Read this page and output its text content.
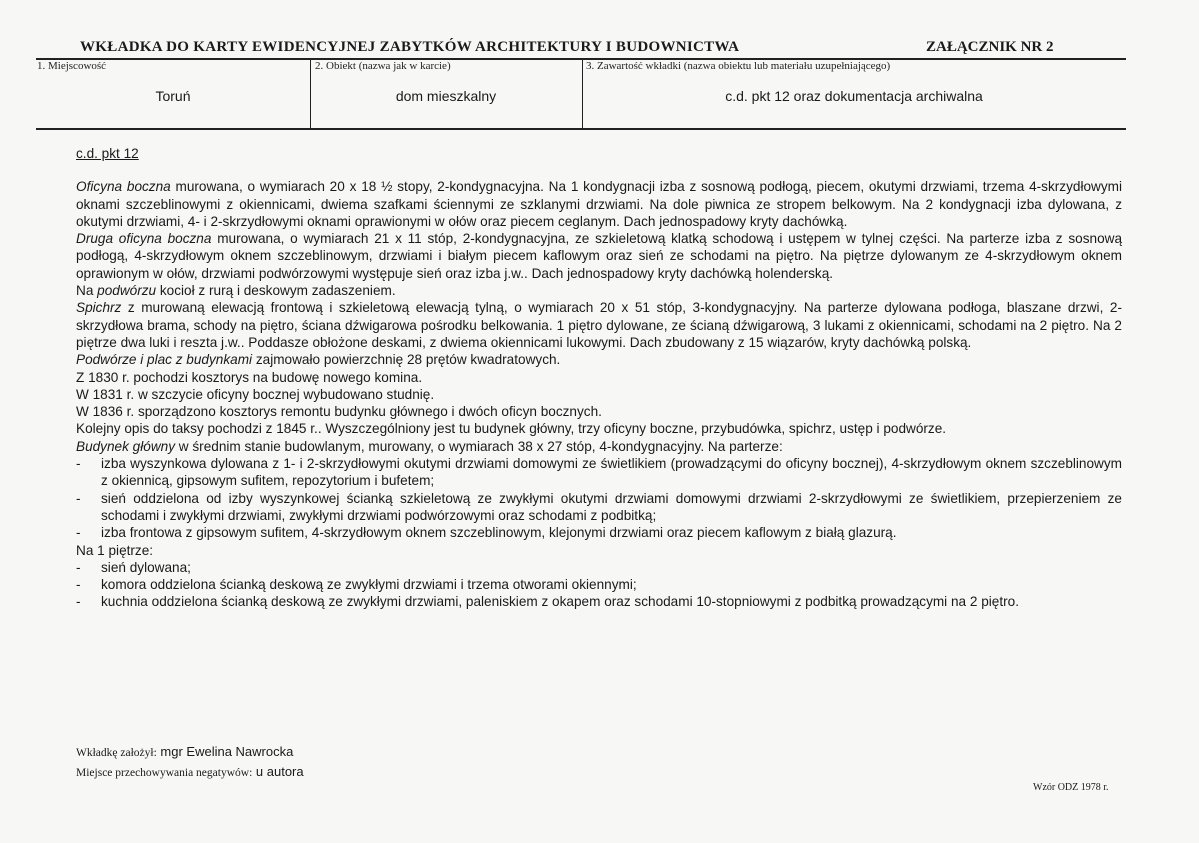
WKŁADKA DO KARTY EWIDENCYJNEJ ZABYTKÓW ARCHITEKTURY I BUDOWNICTWA	ZAŁĄCZNIK NR 2
1. Miejscowość
Toruń
2. Obiekt (nazwa jak w karcie)
dom mieszkalny
3. Zawartość wkładki (nazwa obiektu lub materiału uzupełniającego)
c.d. pkt 12 oraz dokumentacja archiwalna

c.d. pkt 12

Oficyna boczna murowana, o wymiarach 20 x 18 ½ stopy, 2-kondygnacyjna. Na 1 kondygnacji izba z sosnową podłogą, piecem, okutymi drzwiami, trzema 4-skrzydłowymi oknami szczeblinowymi z okiennicami, dwiema szafkami ściennymi ze szklanymi drzwiami. Na dole piwnica ze stropem belkowym. Na 2 kondygnacji izba dylowana, z okutymi drzwiami, 4- i 2-skrzydłowymi oknami oprawionymi w ołów oraz piecem ceglanym. Dach jednospadowy kryty dachówką.

Druga oficyna boczna murowana, o wymiarach 21 x 11 stóp, 2-kondygnacyjna, ze szkieletową klatką schodową i ustępem w tylnej części. Na parterze izba z sosnową podłogą, 4-skrzydłowym oknem szczeblinowym, drzwiami i białym piecem kaflowym oraz sień ze schodami na piętro. Na piętrze dylowanym ze 4-skrzydłowym oknem oprawionym w ołów, drzwiami podwórzowymi występuje sień oraz izba j.w.. Dach jednospadowy kryty dachówką holenderską.

Na podwórzu kocioł z rurą i deskowym zadaszeniem.

Spichrz z murowaną elewacją frontową i szkieletową elewacją tylną, o wymiarach 20 x 51 stóp, 3-kondygnacyjny. Na parterze dylowana podłoga, blaszane drzwi, 2-skrzydłowa brama, schody na piętro, ściana dźwigarowa pośrodku belkowania. 1 piętro dylowane, ze ścianą dźwigarową, 3 lukami z okiennicami, schodami na 2 piętro. Na 2 piętrze dwa luki i reszta j.w.. Poddasze obłożone deskami, z dwiema okiennicami lukowymi. Dach zbudowany z 15 wiązarów, kryty dachówką polską.

Podwórze i plac z budynkami zajmowało powierzchnię 28 prętów kwadratowych.

Z 1830 r. pochodzi kosztorys na budowę nowego komina.

W 1831 r. w szczycie oficyny bocznej wybudowano studnię.

W 1836 r. sporządzono kosztorys remontu budynku głównego i dwóch oficyn bocznych.

Kolejny opis do taksy pochodzi z 1845 r.. Wyszczególniony jest tu budynek główny, trzy oficyny boczne, przybudówka, spichrz, ustęp i podwórze.

Budynek główny w średnim stanie budowlanym, murowany, o wymiarach 38 x 27 stóp, 4-kondygnacyjny. Na parterze:

- izba wyszynkowa dylowana z 1- i 2-skrzydłowymi okutymi drzwiami domowymi ze świetlikiem (prowadzącymi do oficyny bocznej), 4-skrzydłowym oknem szczeblinowym z okiennicą, gipsowym sufitem, repozytorium i bufetem;
- sień oddzielona od izby wyszynkowej ścianką szkieletową ze zwykłymi okutymi drzwiami domowymi drzwiami 2-skrzydłowymi ze świetlikiem, przepierzeniem ze schodami i zwykłymi drzwiami, zwykłymi drzwiami podwórzowymi oraz schodami z podbitką;
- izba frontowa z gipsowym sufitem, 4-skrzydłowym oknem szczeblinowym, klejonymi drzwiami oraz piecem kaflowym z białą glazurą.

Na 1 piętrze:

- sień dylowana;
- komora oddzielona ścianką deskową ze zwykłymi drzwiami i trzema otworami okiennymi;
- kuchnia oddzielona ścianką deskową ze zwykłymi drzwiami, paleniskiem z okapem oraz schodami 10-stopniowymi z podbitką prowadzącymi na 2 piętro.
Wkładkę założył: mgr Ewelina Nawrocka
Miejsce przechowywania negatywów: u autora
Wzór ODZ 1978 r.
